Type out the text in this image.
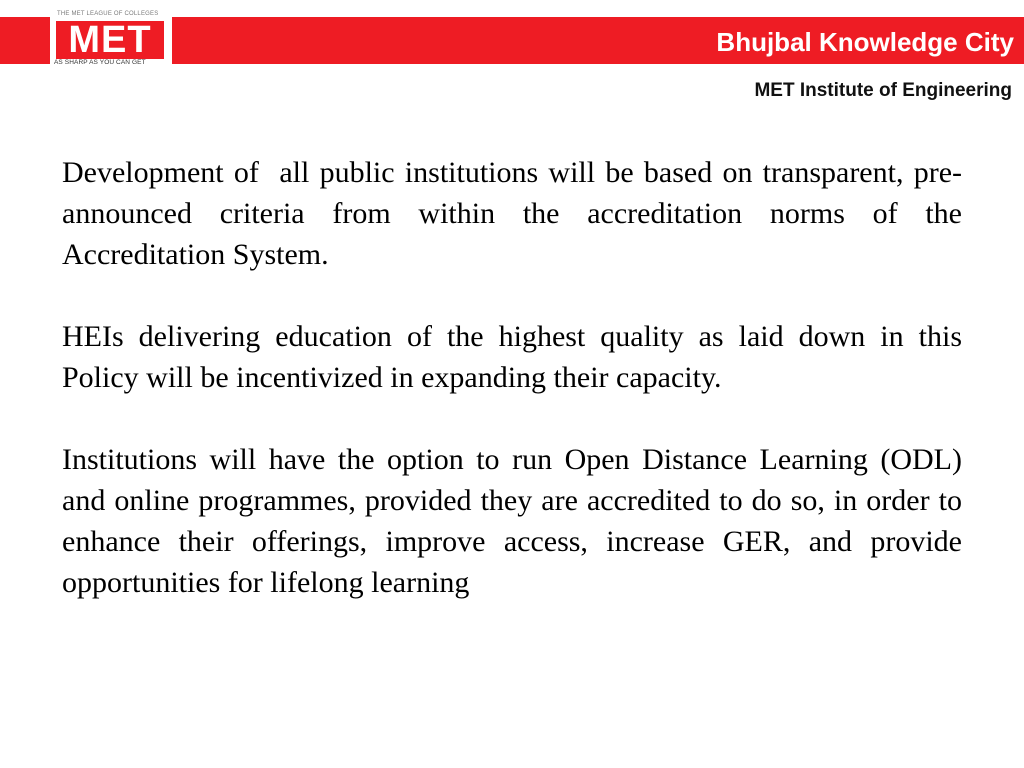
THE MET LEAGUE OF COLLEGES
MET
AS SHARP AS YOU CAN GET
Bhujbal Knowledge City
MET Institute of Engineering

Development of  all public institutions will be based on transparent, pre-announced criteria from within the accreditation norms of the Accreditation System.

HEIs delivering education of the highest quality as laid down in this Policy will be incentivized in expanding their capacity.

Institutions will have the option to run Open Distance Learning (ODL) and online programmes, provided they are accredited to do so, in order to enhance their offerings, improve access, increase GER, and provide opportunities for lifelong learning
